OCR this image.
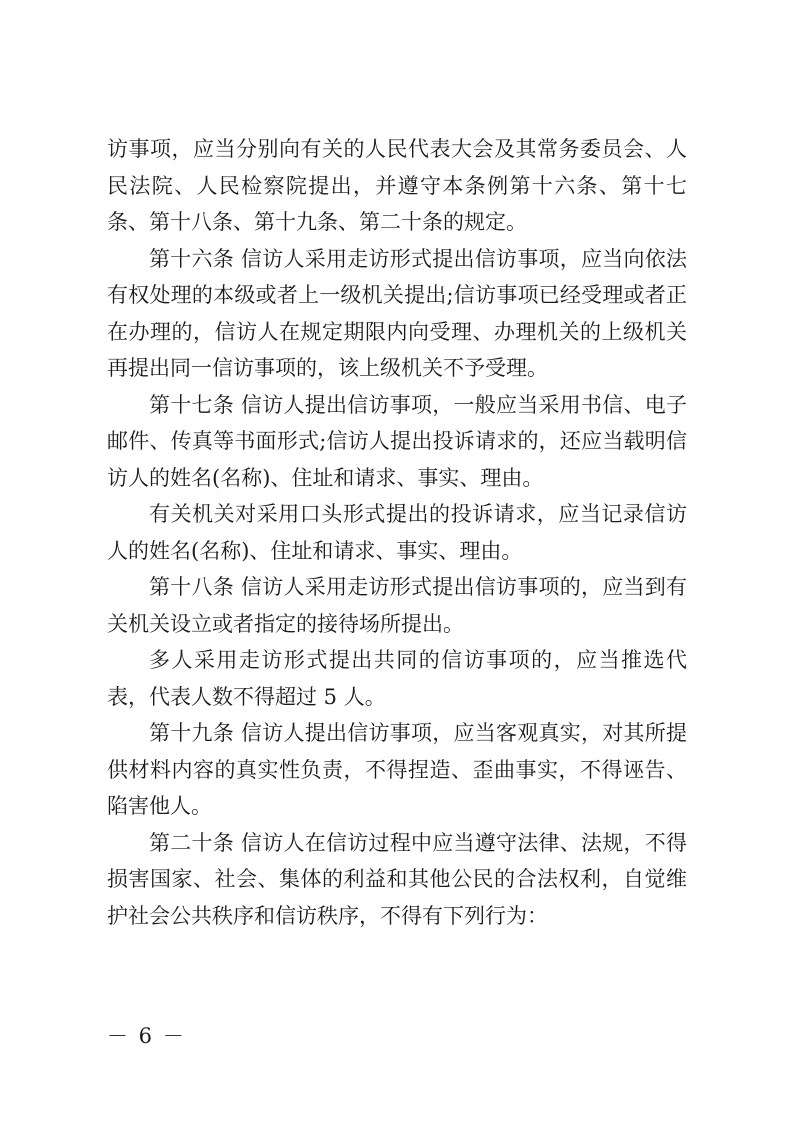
访事项，应当分别向有关的人民代表大会及其常务委员会、人民法院、人民检察院提出，并遵守本条例第十六条、第十七条、第十八条、第十九条、第二十条的规定。

第十六条 信访人采用走访形式提出信访事项，应当向依法有权处理的本级或者上一级机关提出;信访事项已经受理或者正在办理的，信访人在规定期限内向受理、办理机关的上级机关再提出同一信访事项的，该上级机关不予受理。

第十七条 信访人提出信访事项，一般应当采用书信、电子邮件、传真等书面形式;信访人提出投诉请求的，还应当载明信访人的姓名(名称)、住址和请求、事实、理由。

有关机关对采用口头形式提出的投诉请求，应当记录信访人的姓名(名称)、住址和请求、事实、理由。

第十八条 信访人采用走访形式提出信访事项的，应当到有关机关设立或者指定的接待场所提出。

多人采用走访形式提出共同的信访事项的，应当推选代表，代表人数不得超过 5 人。

第十九条 信访人提出信访事项，应当客观真实，对其所提供材料内容的真实性负责，不得捏造、歪曲事实，不得诬告、陷害他人。

第二十条 信访人在信访过程中应当遵守法律、法规，不得损害国家、社会、集体的利益和其他公民的合法权利，自觉维护社会公共秩序和信访秩序，不得有下列行为：

－ 6 －
